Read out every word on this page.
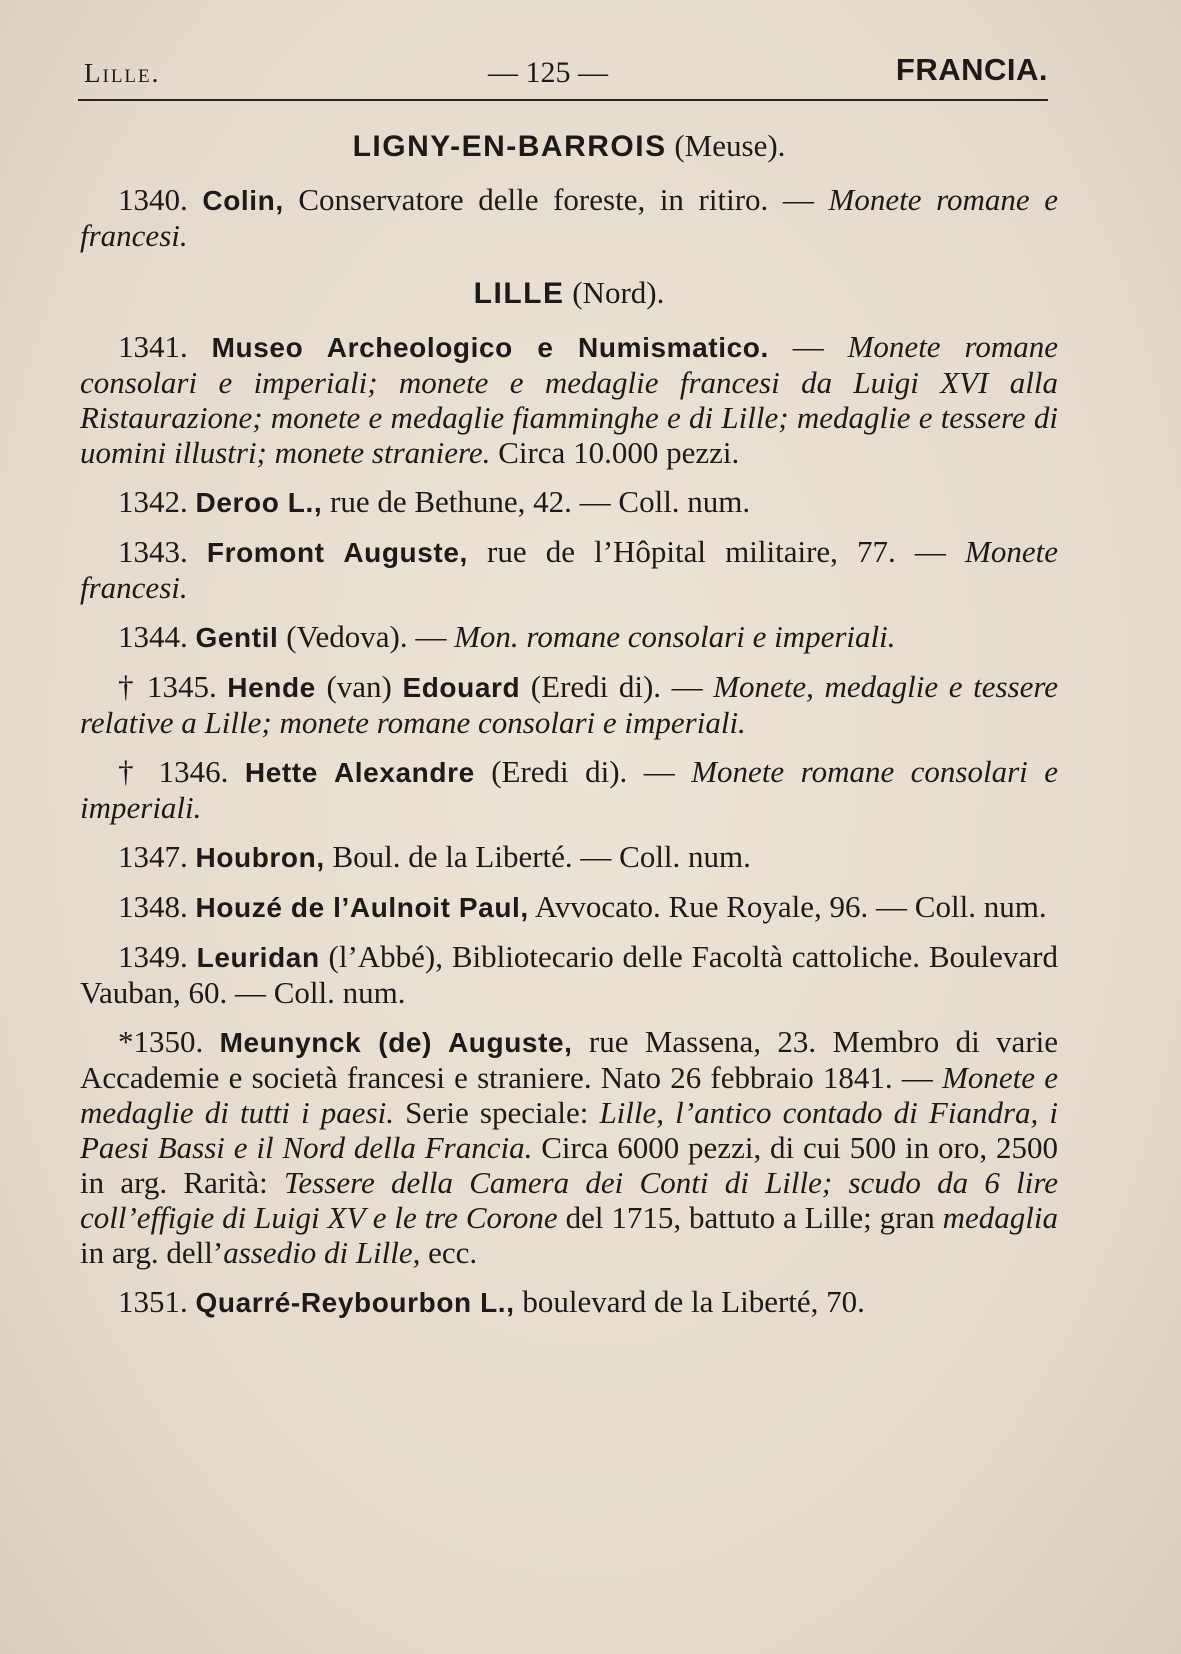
Lille.	— 125 —	FRANCIA.
LIGNY-EN-BARROIS (Meuse).

1340. Colin, Conservatore delle foreste, in ritiro. — Monete romane e francesi.

LILLE (Nord).

1341. Museo Archeologico e Numismatico. — Monete romane consolari e imperiali; monete e medaglie francesi da Luigi XVI alla Ristaurazione; monete e medaglie fiamminghe e di Lille; medaglie e tessere di uomini illustri; monete straniere. Circa 10.000 pezzi.

1342. Deroo L., rue de Bethune, 42. — Coll. num.

1343. Fromont Auguste, rue de l’Hôpital militaire, 77. — Monete francesi.

1344. Gentil (Vedova). — Mon. romane consolari e imperiali.

† 1345. Hende (van) Edouard (Eredi di). — Monete, medaglie e tessere relative a Lille; monete romane consolari e imperiali.

† 1346. Hette Alexandre (Eredi di). — Monete romane consolari e imperiali.

1347. Houbron, Boul. de la Liberté. — Coll. num.

1348. Houzé de l’Aulnoit Paul, Avvocato. Rue Royale, 96. — Coll. num.

1349. Leuridan (l’Abbé), Bibliotecario delle Facoltà cattoliche. Boulevard Vauban, 60. — Coll. num.

*1350. Meunynck (de) Auguste, rue Massena, 23. Membro di varie Accademie e società francesi e straniere. Nato 26 febbraio 1841. — Monete e medaglie di tutti i paesi. Serie speciale: Lille, l’antico contado di Fiandra, i Paesi Bassi e il Nord della Francia. Circa 6000 pezzi, di cui 500 in oro, 2500 in arg. Rarità: Tessere della Camera dei Conti di Lille; scudo da 6 lire coll’effigie di Luigi XV e le tre Corone del 1715, battuto a Lille; gran medaglia in arg. dell’assedio di Lille, ecc.

1351. Quarré-Reybourbon L., boulevard de la Liberté, 70.
